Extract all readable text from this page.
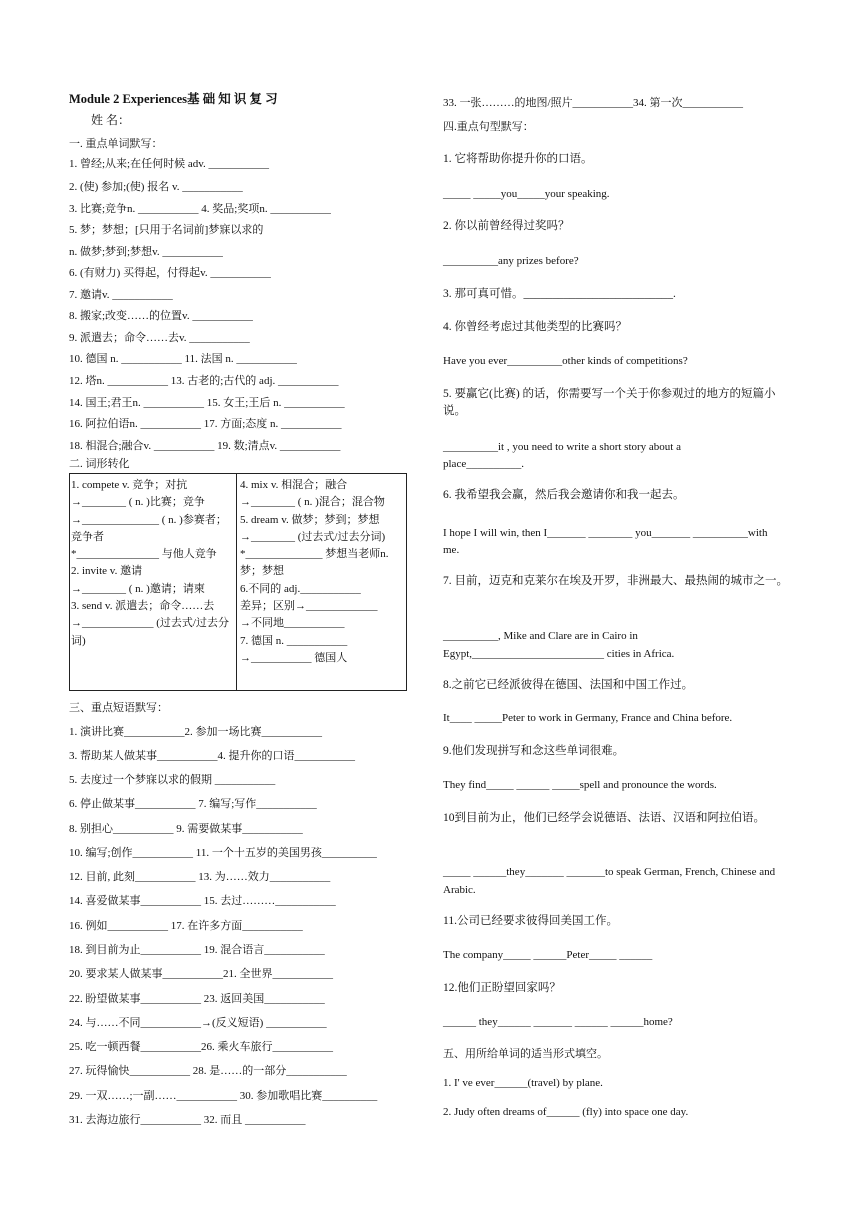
Module 2 Experiences基 础 知 识 复 习
姓 名：
一. 重点单词默写：
1. 曾经;从来;在任何时候 adv. ___________
2. (使) 参加;(使) 报名 v. ___________
3. 比赛;竞争n. ___________ 4. 奖品;奖项n. ___________
5. 梦；梦想；[只用于名词前]梦寐以求的
n. 做梦;梦到;梦想v. ___________
6. (有财力) 买得起，付得起v. ___________
7. 邀请v. ___________
8. 搬家;改变……的位置v. ___________
9. 派遣去；命令……去v. ___________
10. 德国 n. ___________ 11. 法国 n. ___________
12. 塔n. ___________ 13. 古老的;古代的 adj. ___________
14. 国王;君王n. ___________ 15. 女王;王后 n. ___________
16. 阿拉伯语n. ___________ 17. 方面;态度 n. ___________
18. 相混合;融合v. ___________ 19. 数;清点v. ___________
二. 词形转化
1. compete v. 竞争；对抗
→________ ( n. )比赛；竞争
→______________ ( n. )参赛者；竞争者
*_______________ 与他人竞争
2. invite v. 邀请
→________ ( n. )邀请；请柬
3. send v. 派遣去；命令……去
→_____________ (过去式/过去分词)
4. mix v. 相混合；融合
→________ ( n. )混合；混合物
5. dream v. 做梦；梦到；梦想
→________ (过去式/过去分词)
*______________ 梦想当老师n. 梦；梦想
6.不同的 adj.___________
差异；区别→_____________
→不同地___________
7. 德国 n. ___________
→___________ 德国人
三、重点短语默写：
1. 演讲比赛___________2. 参加一场比赛___________
3. 帮助某人做某事___________4. 提升你的口语___________
5. 去度过一个梦寐以求的假期 ___________
6. 停止做某事___________ 7. 编写;写作___________
8. 别担心___________ 9. 需要做某事___________
10. 编写;创作___________ 11. 一个十五岁的美国男孩__________
12. 目前, 此刻___________ 13. 为……效力___________
14. 喜爱做某事___________ 15. 去过………___________
16. 例如___________ 17. 在许多方面___________
18. 到目前为止___________ 19. 混合语言___________
20. 要求某人做某事___________21. 全世界___________
22. 盼望做某事___________ 23. 返回美国___________
24. 与……不同___________→(反义短语) ___________
25. 吃一顿西餐___________26. 乘火车旅行___________
27. 玩得愉快___________ 28. 是……的一部分___________
29. 一双……;一副……___________ 30. 参加歌唱比赛__________
31. 去海边旅行___________ 32. 而且 ___________
33. 一张………的地图/照片___________34. 第一次___________
四.重点句型默写：
1. 它将帮助你提升你的口语。
_____ _____you_____your speaking.
2. 你以前曾经得过奖吗？
__________any prizes before?
3. 那可真可惜。__________________________.
4. 你曾经考虑过其他类型的比赛吗？
Have you ever__________other kinds of competitions?
5. 要赢它(比赛) 的话，你需要写一个关于你参观过的地方的短篇小说。
__________it , you need to write a short story about a place__________.
6. 我希望我会赢，然后我会邀请你和我一起去。
I hope I will win, then I_______ ________ you_______ __________with me.
7. 目前，迈克和克莱尔在埃及开罗，非洲最大、最热闹的城市之一。
__________, Mike and Clare are in Cairo in Egypt,________________________ cities in Africa.
8.之前它已经派彼得在德国、法国和中国工作过。
It____ _____Peter to work in Germany, France and China before.
9.他们发现拼写和念这些单词很难。
They find_____ ______ _____spell and pronounce the words.
10到目前为止，他们已经学会说德语、法语、汉语和阿拉伯语。
_____ ______they_______ _______to speak German, French, Chinese and Arabic.
11.公司已经要求彼得回美国工作。
The company_____ ______Peter_____ ______
12.他们正盼望回家吗？
______ they______ _______ ______ ______home?
五、用所给单词的适当形式填空。
1. I' ve ever______(travel) by plane.
2. Judy often dreams of______ (fly) into space one day.
